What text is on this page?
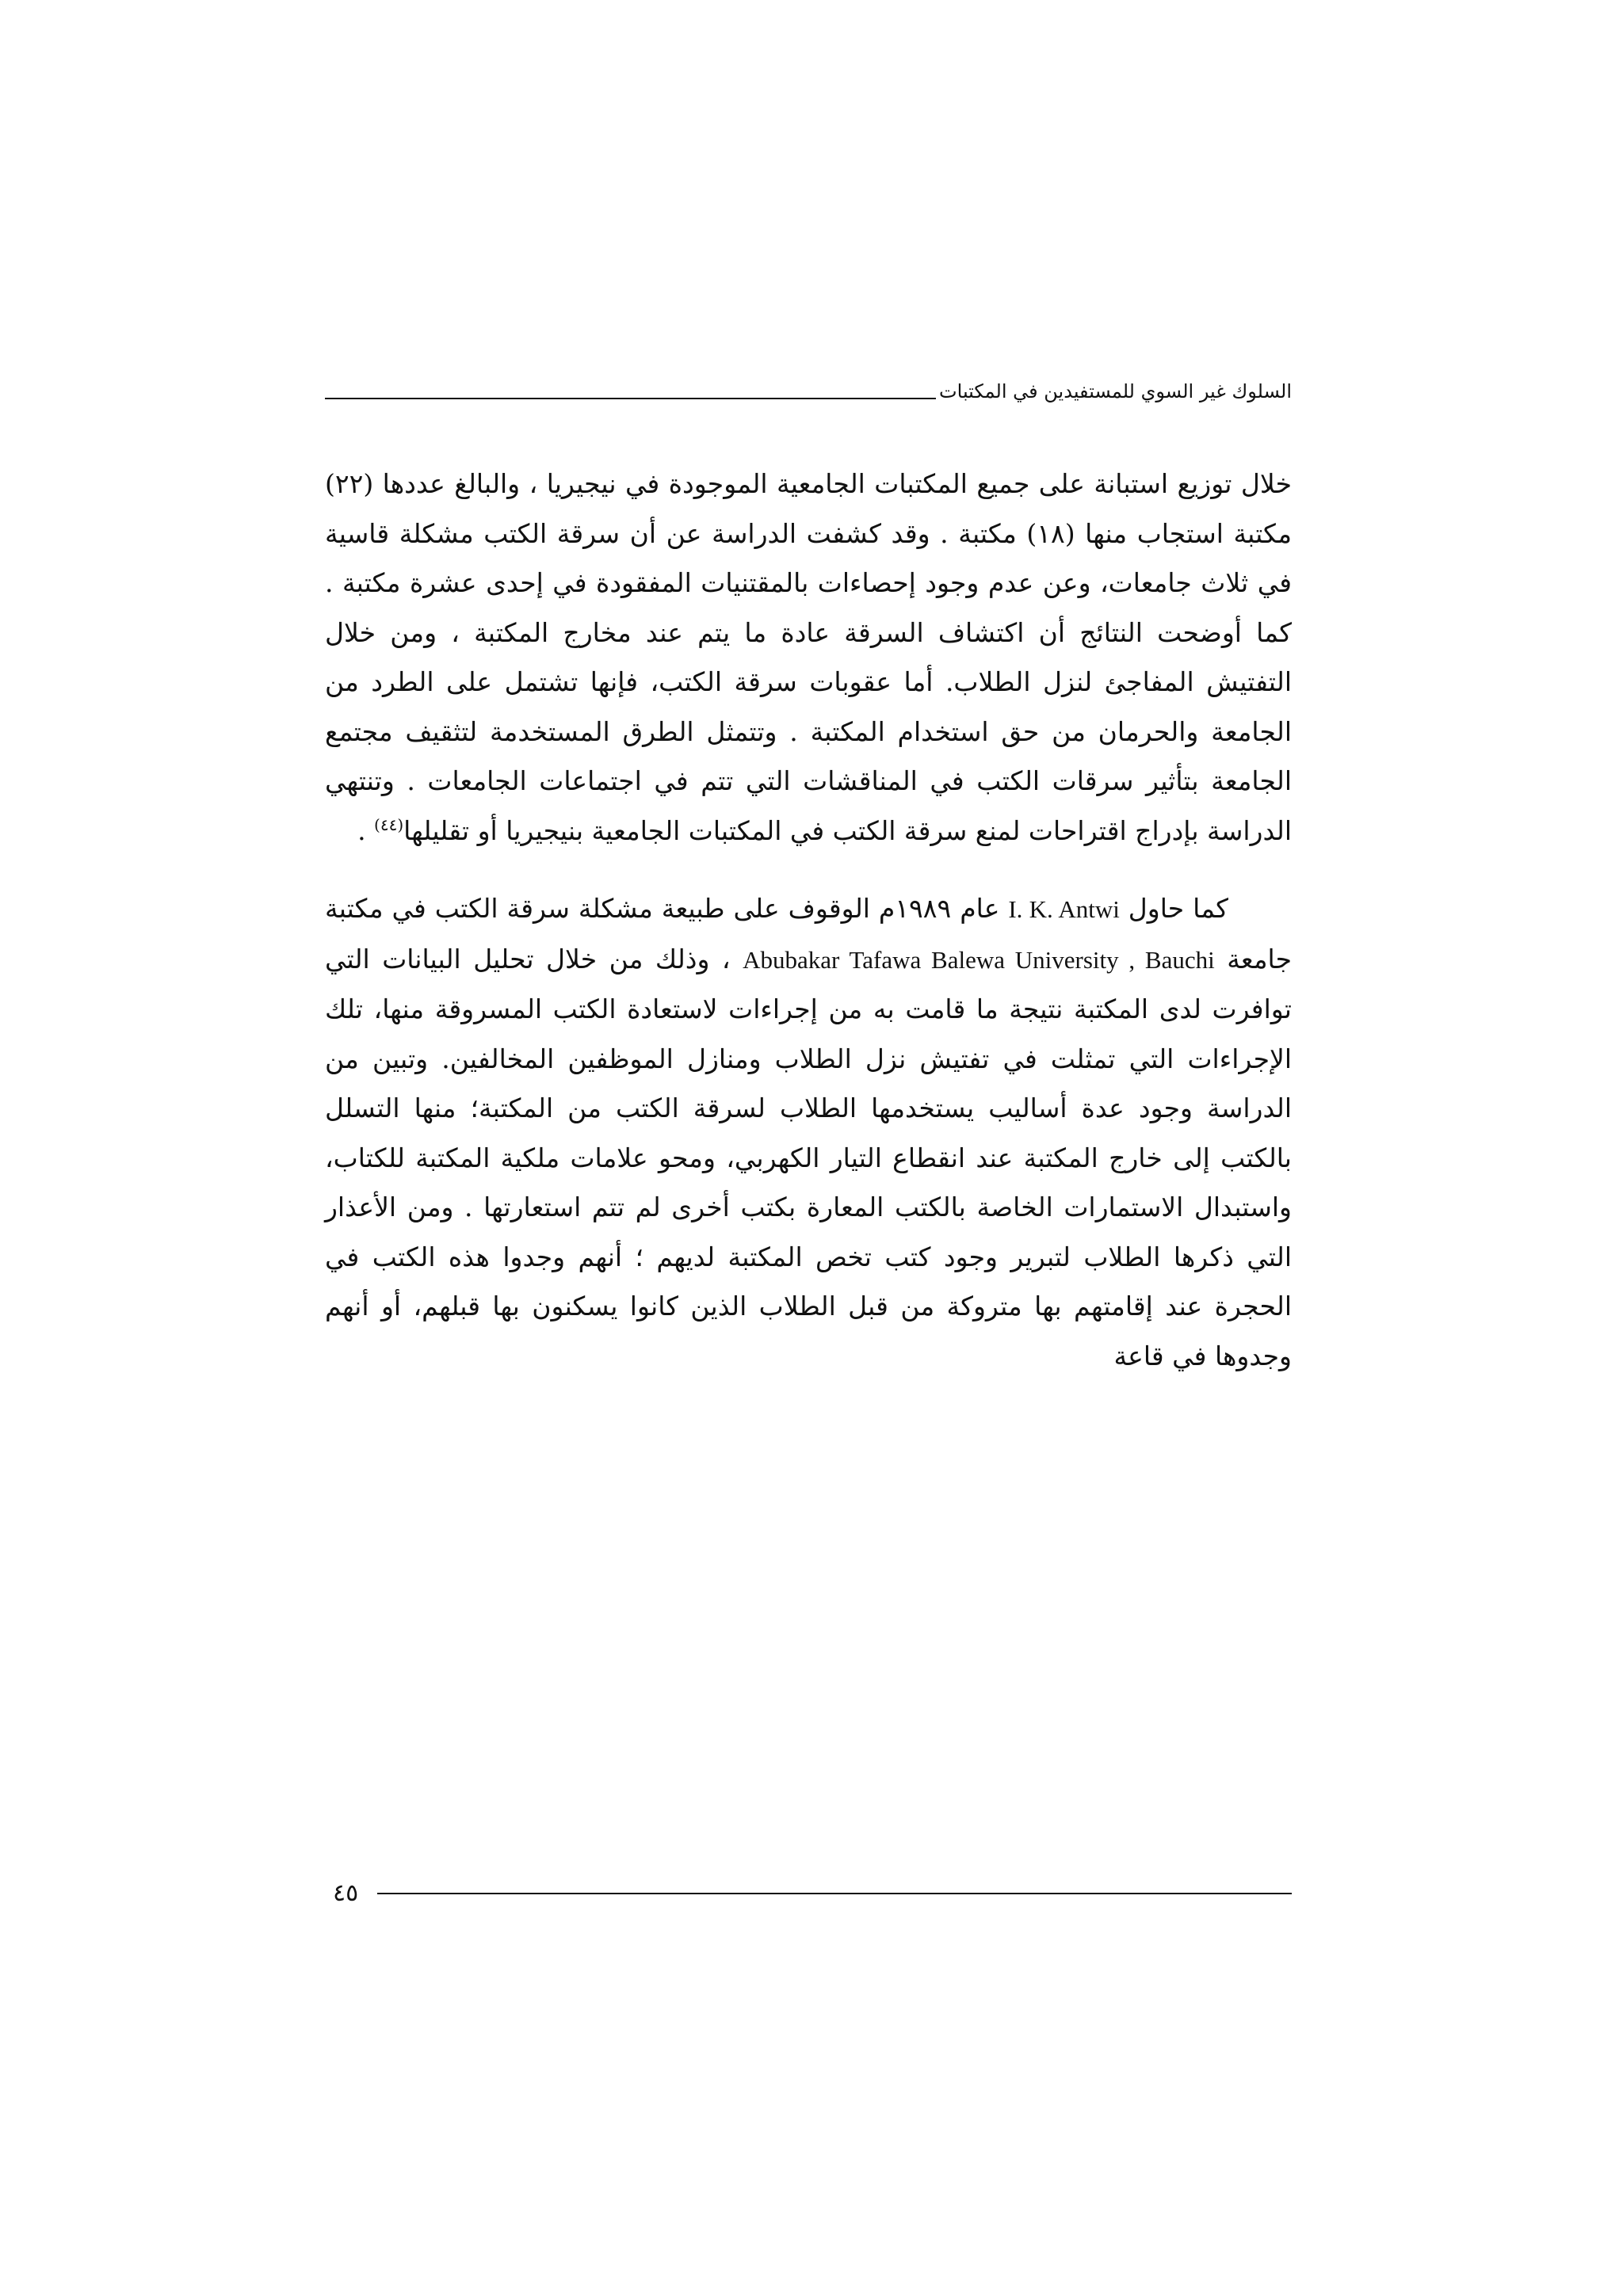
السلوك غير السوي للمستفيدين في المكتبات

خلال توزيع استبانة على جميع المكتبات الجامعية الموجودة في نيجيريا ، والبالغ عددها (٢٢) مكتبة استجاب منها (١٨) مكتبة . وقد كشفت الدراسة عن أن سرقة الكتب مشكلة قاسية في ثلاث جامعات، وعن عدم وجود إحصاءات بالمقتنيات المفقودة في إحدى عشرة مكتبة . كما أوضحت النتائج أن اكتشاف السرقة عادة ما يتم عند مخارج المكتبة ، ومن خلال التفتيش المفاجئ لنزل الطلاب. أما عقوبات سرقة الكتب، فإنها تشتمل على الطرد من الجامعة والحرمان من حق استخدام المكتبة . وتتمثل الطرق المستخدمة لتثقيف مجتمع الجامعة بتأثير سرقات الكتب في المناقشات التي تتم في اجتماعات الجامعات . وتنتهي الدراسة بإدراج اقتراحات لمنع سرقة الكتب في المكتبات الجامعية بنيجيريا أو تقليلها$^{(٤٤)}$ .

كما حاول I. K. Antwi عام ١٩٨٩م الوقوف على طبيعة مشكلة سرقة الكتب في مكتبة جامعة Abubakar Tafawa Balewa University , Bauchi ، وذلك من خلال تحليل البيانات التي توافرت لدى المكتبة نتيجة ما قامت به من إجراءات لاستعادة الكتب المسروقة منها، تلك الإجراءات التي تمثلت في تفتيش نزل الطلاب ومنازل الموظفين المخالفين. وتبين من الدراسة وجود عدة أساليب يستخدمها الطلاب لسرقة الكتب من المكتبة؛ منها التسلل بالكتب إلى خارج المكتبة عند انقطاع التيار الكهربي، ومحو علامات ملكية المكتبة للكتاب، واستبدال الاستمارات الخاصة بالكتب المعارة بكتب أخرى لم تتم استعارتها . ومن الأعذار التي ذكرها الطلاب لتبرير وجود كتب تخص المكتبة لديهم ؛ أنهم وجدوا هذه الكتب في الحجرة عند إقامتهم بها متروكة من قبل الطلاب الذين كانوا يسكنون بها قبلهم، أو أنهم وجدوها في قاعة

٤٥
